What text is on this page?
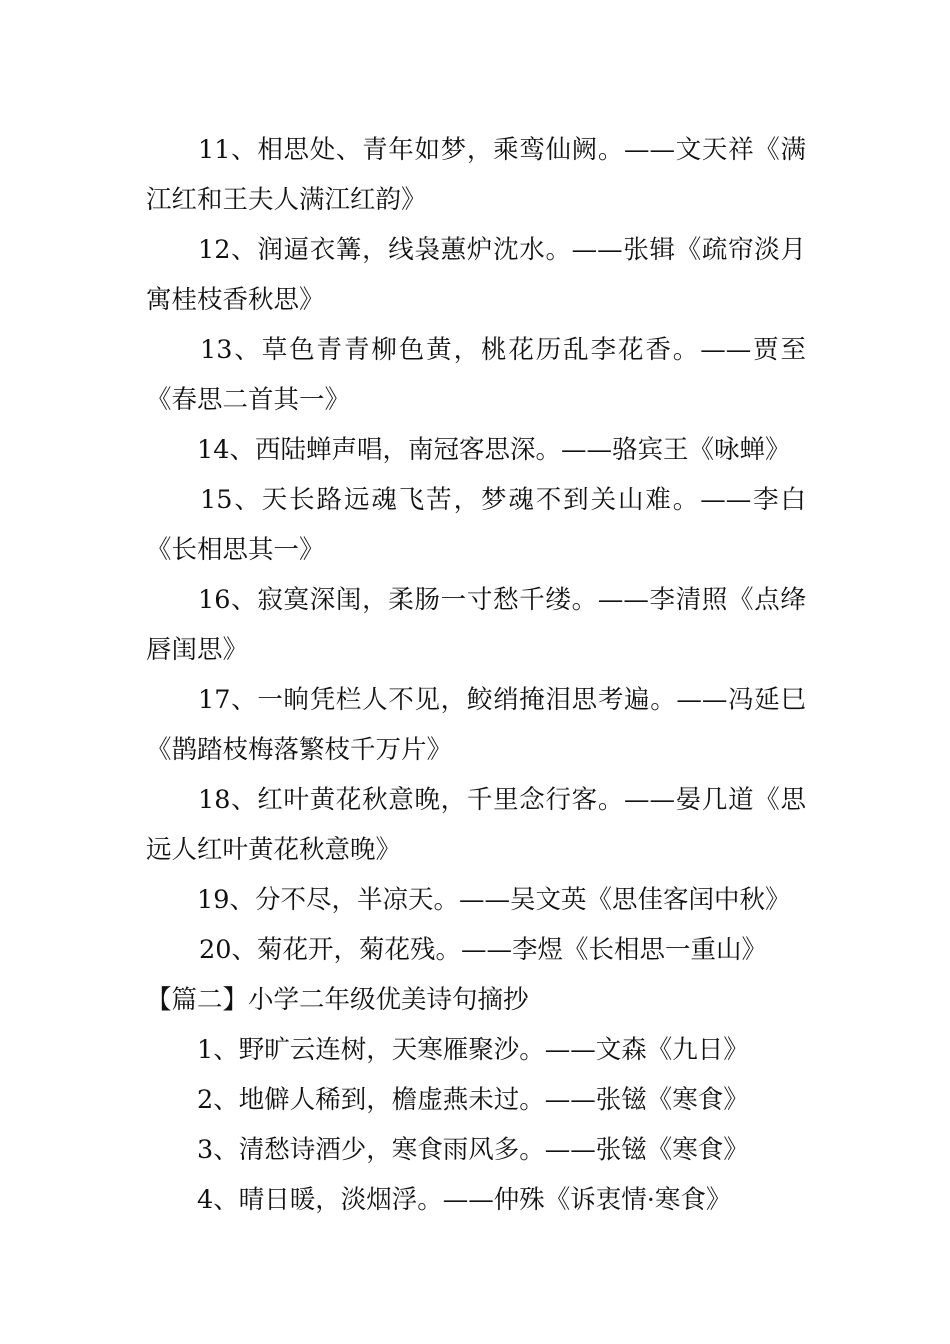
11、相思处、青年如梦，乘鸾仙阙。——文天祥《满
江红和王夫人满江红韵》
12、润逼衣篝，线袅蕙炉沈水。——张辑《疏帘淡月
寓桂枝香秋思》
13、草色青青柳色黄，桃花历乱李花香。——贾至
《春思二首其一》
14、西陆蝉声唱，南冠客思深。——骆宾王《咏蝉》
15、天长路远魂飞苦，梦魂不到关山难。——李白
《长相思其一》
16、寂寞深闺，柔肠一寸愁千缕。——李清照《点绛
唇闺思》
17、一晌凭栏人不见，鲛绡掩泪思考遍。——冯延巳
《鹊踏枝梅落繁枝千万片》
18、红叶黄花秋意晚，千里念行客。——晏几道《思
远人红叶黄花秋意晚》
19、分不尽，半凉天。——吴文英《思佳客闰中秋》
20、菊花开，菊花残。——李煜《长相思一重山》
【篇二】小学二年级优美诗句摘抄
1、野旷云连树，天寒雁聚沙。——文森《九日》
2、地僻人稀到，檐虚燕未过。——张镃《寒食》
3、清愁诗酒少，寒食雨风多。——张镃《寒食》
4、晴日暖，淡烟浮。——仲殊《诉衷情·寒食》
